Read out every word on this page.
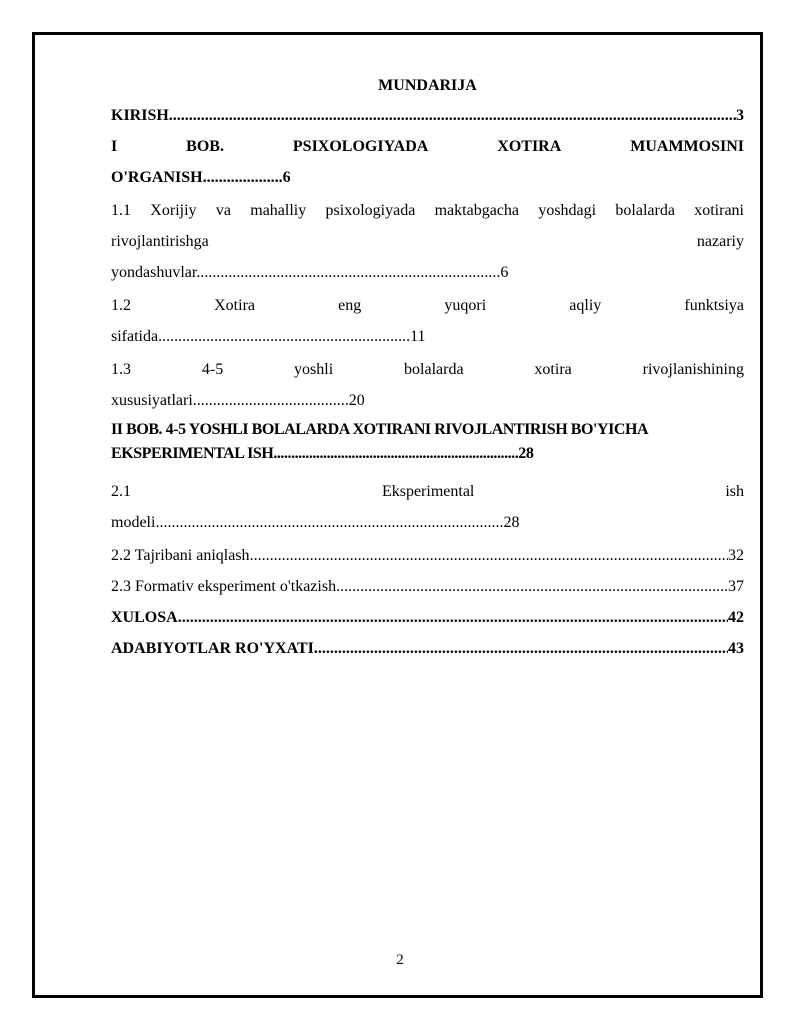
MUNDARIJA
KIRISH .....	3
I	BOB.	PSIXOLOGIYADA	XOTIRA	MUAMMOSINI
O'RGANISH....................6
1.1 Xorijiy va mahalliy psixologiyada maktabgacha yoshdagi bolalarda xotirani
rivojlantirishga	nazariy
yondashuvlar............................................................................6
1.2	Xotira	eng	yuqori	aqliy	funktsiya
sifatida...............................................................11
1.3	4-5	yoshli	bolalarda	xotira	rivojlanishining
xususiyatlari.......................................20
II BOB. 4-5 YOSHLI BOLALARDA XOTIRANI RIVOJLANTIRISH BO'YICHA
EKSPERIMENTAL ISH.....................................................................28
2.1	Eksperimental	ish
modeli.......................................................................................28
2.2 Tajribani aniqlash .....	32
2.3 Formativ eksperiment o'tkazish .....	37
XULOSA .....	42
ADABIYOTLAR RO'YXATI .....	43
2
